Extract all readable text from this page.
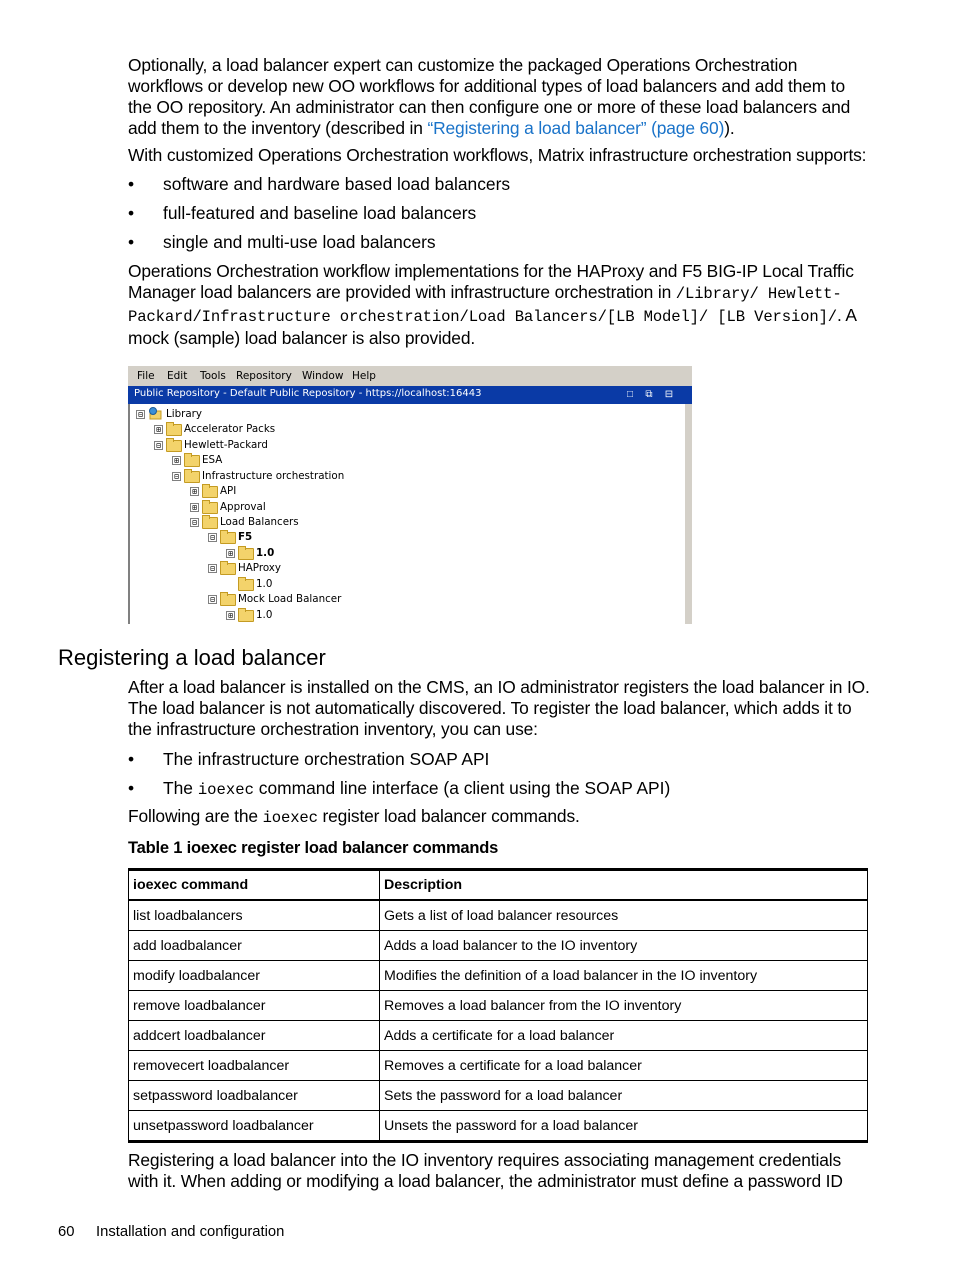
Optionally, a load balancer expert can customize the packaged Operations Orchestration workflows or develop new OO workflows for additional types of load balancers and add them to the OO repository. An administrator can then configure one or more of these load balancers and add them to the inventory (described in “Registering a load balancer” (page 60)).
With customized Operations Orchestration workflows, Matrix infrastructure orchestration supports:
•	software and hardware based load balancers
•	full-featured and baseline load balancers
•	single and multi-use load balancers
Operations Orchestration workflow implementations for the HAProxy and F5 BIG-IP Local Traffic Manager load balancers are provided with infrastructure orchestration in /Library/ Hewlett-Packard/Infrastructure orchestration/Load Balancers/[LB Model]/ [LB Version]/. A mock (sample) load balancer is also provided.
File Edit Tools Repository Window Help
Public Repository - Default Public Repository - https://localhost:16443	□ ⧉ ⊟
⊟ Library
⊞ Accelerator Packs
⊟ Hewlett-Packard
⊞ ESA
⊟ Infrastructure orchestration
⊞ API
⊞ Approval
⊟ Load Balancers
⊟ F5
⊞ 1.0
⊟ HAProxy
1.0
⊟ Mock Load Balancer
⊞ 1.0
Registering a load balancer
After a load balancer is installed on the CMS, an IO administrator registers the load balancer in IO. The load balancer is not automatically discovered. To register the load balancer, which adds it to the infrastructure orchestration inventory, you can use:
•	The infrastructure orchestration SOAP API
•	The ioexec command line interface (a client using the SOAP API)
Following are the ioexec register load balancer commands.
Table 1 ioexec register load balancer commands
ioexec command	Description
list loadbalancers	Gets a list of load balancer resources
add loadbalancer	Adds a load balancer to the IO inventory
modify loadbalancer	Modifies the definition of a load balancer in the IO inventory
remove loadbalancer	Removes a load balancer from the IO inventory
addcert loadbalancer	Adds a certificate for a load balancer
removecert loadbalancer	Removes a certificate for a load balancer
setpassword loadbalancer	Sets the password for a load balancer
unsetpassword loadbalancer	Unsets the password for a load balancer
Registering a load balancer into the IO inventory requires associating management credentials with it. When adding or modifying a load balancer, the administrator must define a password ID
60 Installation and configuration
